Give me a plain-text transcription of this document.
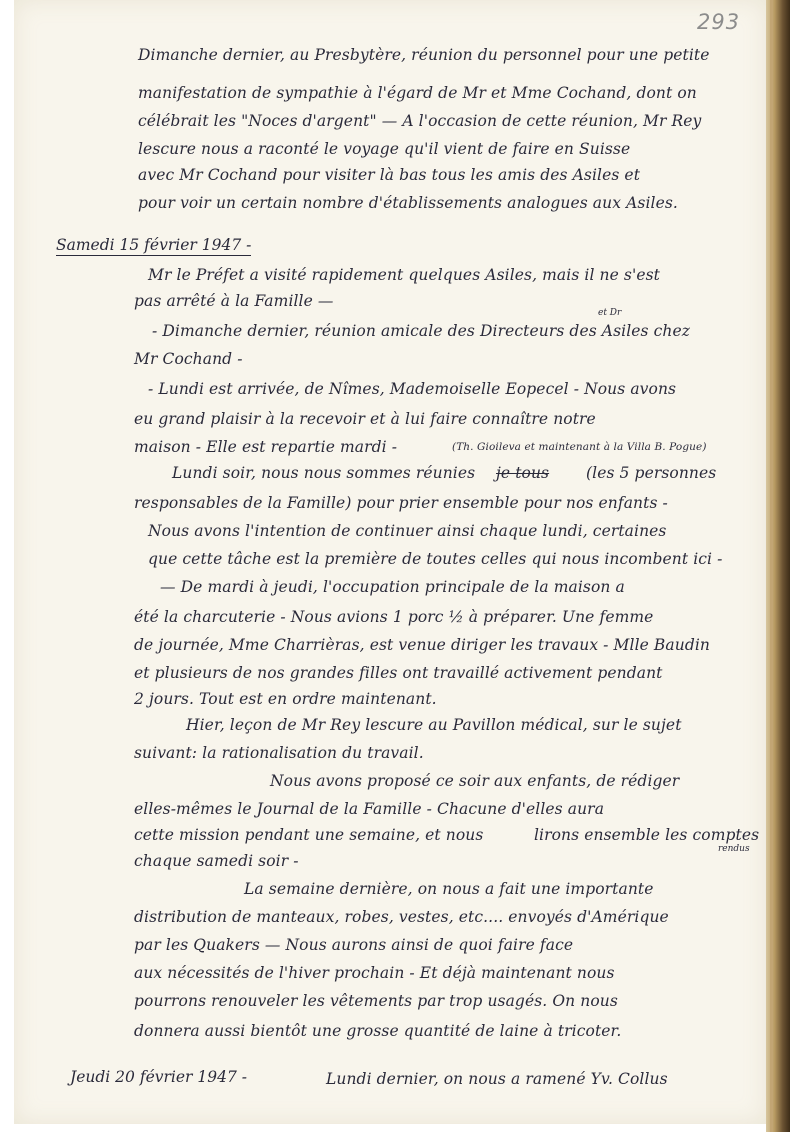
293
Dimanche dernier, au Presbytère, réunion du personnel pour une petite
manifestation de sympathie à l'égard de Mr et Mme Cochand, dont on
célébrait les "Noces d'argent" — A l'occasion de cette réunion, Mr Rey
lescure nous a raconté le voyage qu'il vient de faire en Suisse
avec Mr Cochand pour visiter là bas tous les amis des Asiles et
pour voir un certain nombre d'établissements analogues aux Asiles.
Samedi 15 février 1947 -
Mr le Préfet a visité rapidement quelques Asiles, mais il ne s'est
pas arrêté à la Famille —
et Dr
- Dimanche dernier, réunion amicale des Directeurs des Asiles chez
Mr Cochand -
- Lundi est arrivée, de Nîmes, Mademoiselle Eopecel - Nous avons
eu grand plaisir à la recevoir et à lui faire connaître notre
maison - Elle est repartie mardi -	(Th. Gioileva et maintenant à la Villa B. Pogue)
Lundi soir, nous nous sommes réunies je tous (les 5 personnes
responsables de la Famille) pour prier ensemble pour nos enfants -
Nous avons l'intention de continuer ainsi chaque lundi, certaines
que cette tâche est la première de toutes celles qui nous incombent ici -
— De mardi à jeudi, l'occupation principale de la maison a
été la charcuterie - Nous avions 1 porc ½ à préparer. Une femme
de journée, Mme Charrièras, est venue diriger les travaux - Mlle Baudin
et plusieurs de nos grandes filles ont travaillé activement pendant
2 jours. Tout est en ordre maintenant.
Hier, leçon de Mr Rey lescure au Pavillon médical, sur le sujet
suivant: la rationalisation du travail.
Nous avons proposé ce soir aux enfants, de rédiger
elles-mêmes le Journal de la Famille - Chacune d'elles aura
cette mission pendant une semaine, et nous	lirons ensemble les comptes
rendus
chaque samedi soir -
La semaine dernière, on nous a fait une importante
distribution de manteaux, robes, vestes, etc.... envoyés d'Amérique
par les Quakers — Nous aurons ainsi de quoi faire face
aux nécessités de l'hiver prochain - Et déjà maintenant nous
pourrons renouveler les vêtements par trop usagés. On nous
donnera aussi bientôt une grosse quantité de laine à tricoter.
Jeudi 20 février 1947 -	Lundi dernier, on nous a ramené Yv. Collus
